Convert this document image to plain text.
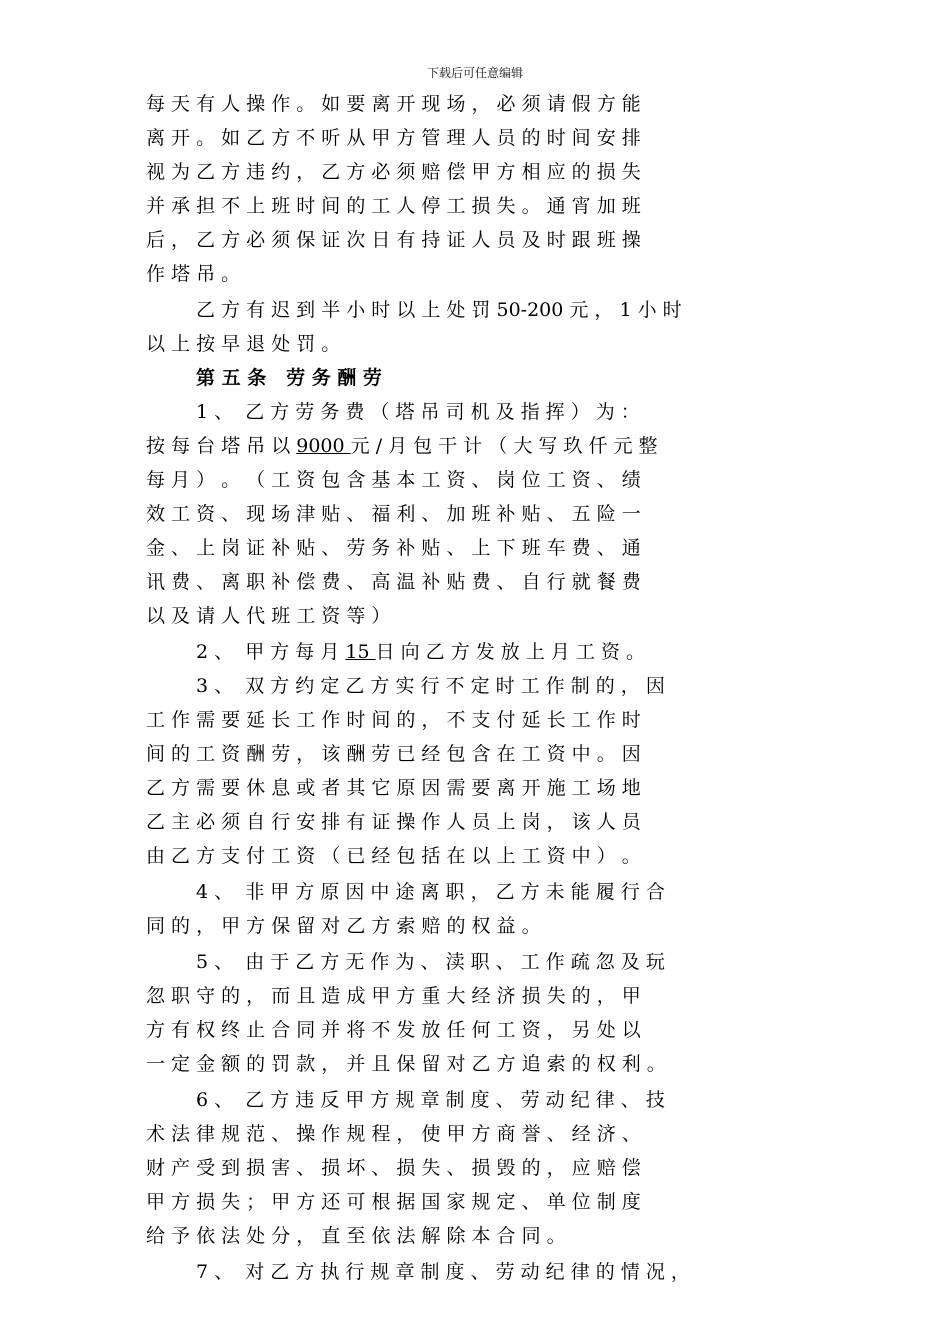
下载后可任意编辑
每 天 有 人 操 作 。 如 要 离 开 现 场 ， 必 须 请 假 方 能
离 开 。 如 乙 方 不 听 从 甲 方 管 理 人 员 的 时 间 安 排
视 为 乙 方 违 约 ， 乙 方 必 须 赔 偿 甲 方 相 应 的 损 失
并 承 担 不 上 班 时 间 的 工 人 停 工 损 失 。 通 宵 加 班
后 ， 乙 方 必 须 保 证 次 日 有 持 证 人 员 及 时 跟 班 操
作 塔 吊 。
乙 方 有 迟 到 半 小 时 以 上 处 罚 50-200 元 ， 1 小 时
以 上 按 早 退 处 罚 。
第 五 条   劳 务 酬 劳
1 、  乙 方 劳 务 费 （ 塔 吊 司 机 及 指 挥 ） 为 ：
按 每 台 塔 吊 以 9000 元 / 月 包 干 计 （ 大 写 玖 仟 元 整
每 月 ） 。 （ 工 资 包 含 基 本 工 资 、 岗 位 工 资 、 绩
效 工 资 、 现 场 津 贴 、 福 利 、 加 班 补 贴 、 五 险 一
金 、 上 岗 证 补 贴 、 劳 务 补 贴 、 上 下 班 车 费 、 通
讯 费 、 离 职 补 偿 费 、 高 温 补 贴 费 、 自 行 就 餐 费
以 及 请 人 代 班 工 资 等 ）
2 、  甲 方 每 月 15 日 向 乙 方 发 放 上 月 工 资 。
3 、  双 方 约 定 乙 方 实 行 不 定 时 工 作 制 的 ， 因
工 作 需 要 延 长 工 作 时 间 的 ， 不 支 付 延 长 工 作 时
间 的 工 资 酬 劳 ， 该 酬 劳 已 经 包 含 在 工 资 中 。 因
乙 方 需 要 休 息 或 者 其 它 原 因 需 要 离 开 施 工 场 地
乙 主 必 须 自 行 安 排 有 证 操 作 人 员 上 岗 ， 该 人 员
由 乙 方 支 付 工 资 （ 已 经 包 括 在 以 上 工 资 中 ） 。
4 、  非 甲 方 原 因 中 途 离 职 ， 乙 方 未 能 履 行 合
同 的 ， 甲 方 保 留 对 乙 方 索 赔 的 权 益 。
5 、  由 于 乙 方 无 作 为 、 渎 职 、 工 作 疏 忽 及 玩
忽 职 守 的 ， 而 且 造 成 甲 方 重 大 经 济 损 失 的 ， 甲
方 有 权 终 止 合 同 并 将 不 发 放 任 何 工 资 ， 另 处 以
一 定 金 额 的 罚 款 ， 并 且 保 留 对 乙 方 追 索 的 权 利 。
6 、  乙 方 违 反 甲 方 规 章 制 度 、 劳 动 纪 律 、 技
术 法 律 规 范 、 操 作 规 程 ， 使 甲 方 商 誉 、 经 济 、
财 产 受 到 损 害 、 损 坏 、 损 失 、 损 毁 的 ， 应 赔 偿
甲 方 损 失 ； 甲 方 还 可 根 据 国 家 规 定 、 单 位 制 度
给 予 依 法 处 分 ， 直 至 依 法 解 除 本 合 同 。
7 、  对 乙 方 执 行 规 章 制 度 、 劳 动 纪 律 的 情 况 ，
